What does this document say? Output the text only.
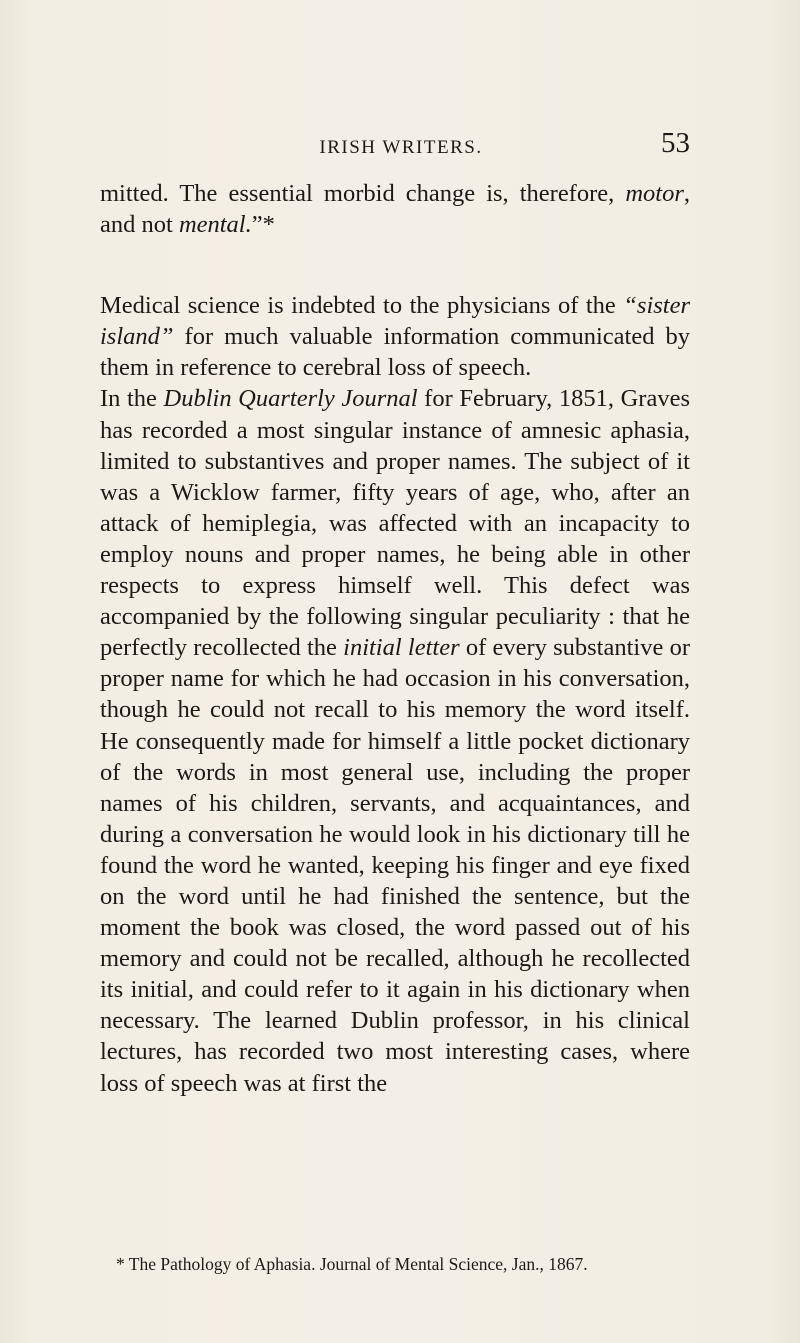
IRISH WRITERS.	53

mitted. The essential morbid change is, therefore, motor, and not mental.”*

Medical science is indebted to the physicians of the “sister island” for much valuable information communicated by them in reference to cerebral loss of speech.

In the Dublin Quarterly Journal for February, 1851, Graves has recorded a most singular instance of amnesic aphasia, limited to substantives and proper names. The subject of it was a Wicklow farmer, fifty years of age, who, after an attack of hemiplegia, was affected with an incapacity to employ nouns and proper names, he being able in other respects to express himself well. This defect was accompanied by the following singular peculiarity : that he perfectly recollected the initial letter of every substantive or proper name for which he had occasion in his conversation, though he could not recall to his memory the word itself. He consequently made for himself a little pocket dictionary of the words in most general use, including the proper names of his children, servants, and acquaintances, and during a conversation he would look in his dictionary till he found the word he wanted, keeping his finger and eye fixed on the word until he had finished the sentence, but the moment the book was closed, the word passed out of his memory and could not be recalled, although he recollected its initial, and could refer to it again in his dictionary when necessary. The learned Dublin professor, in his clinical lectures, has recorded two most interesting cases, where loss of speech was at first the

* The Pathology of Aphasia. Journal of Mental Science, Jan., 1867.
